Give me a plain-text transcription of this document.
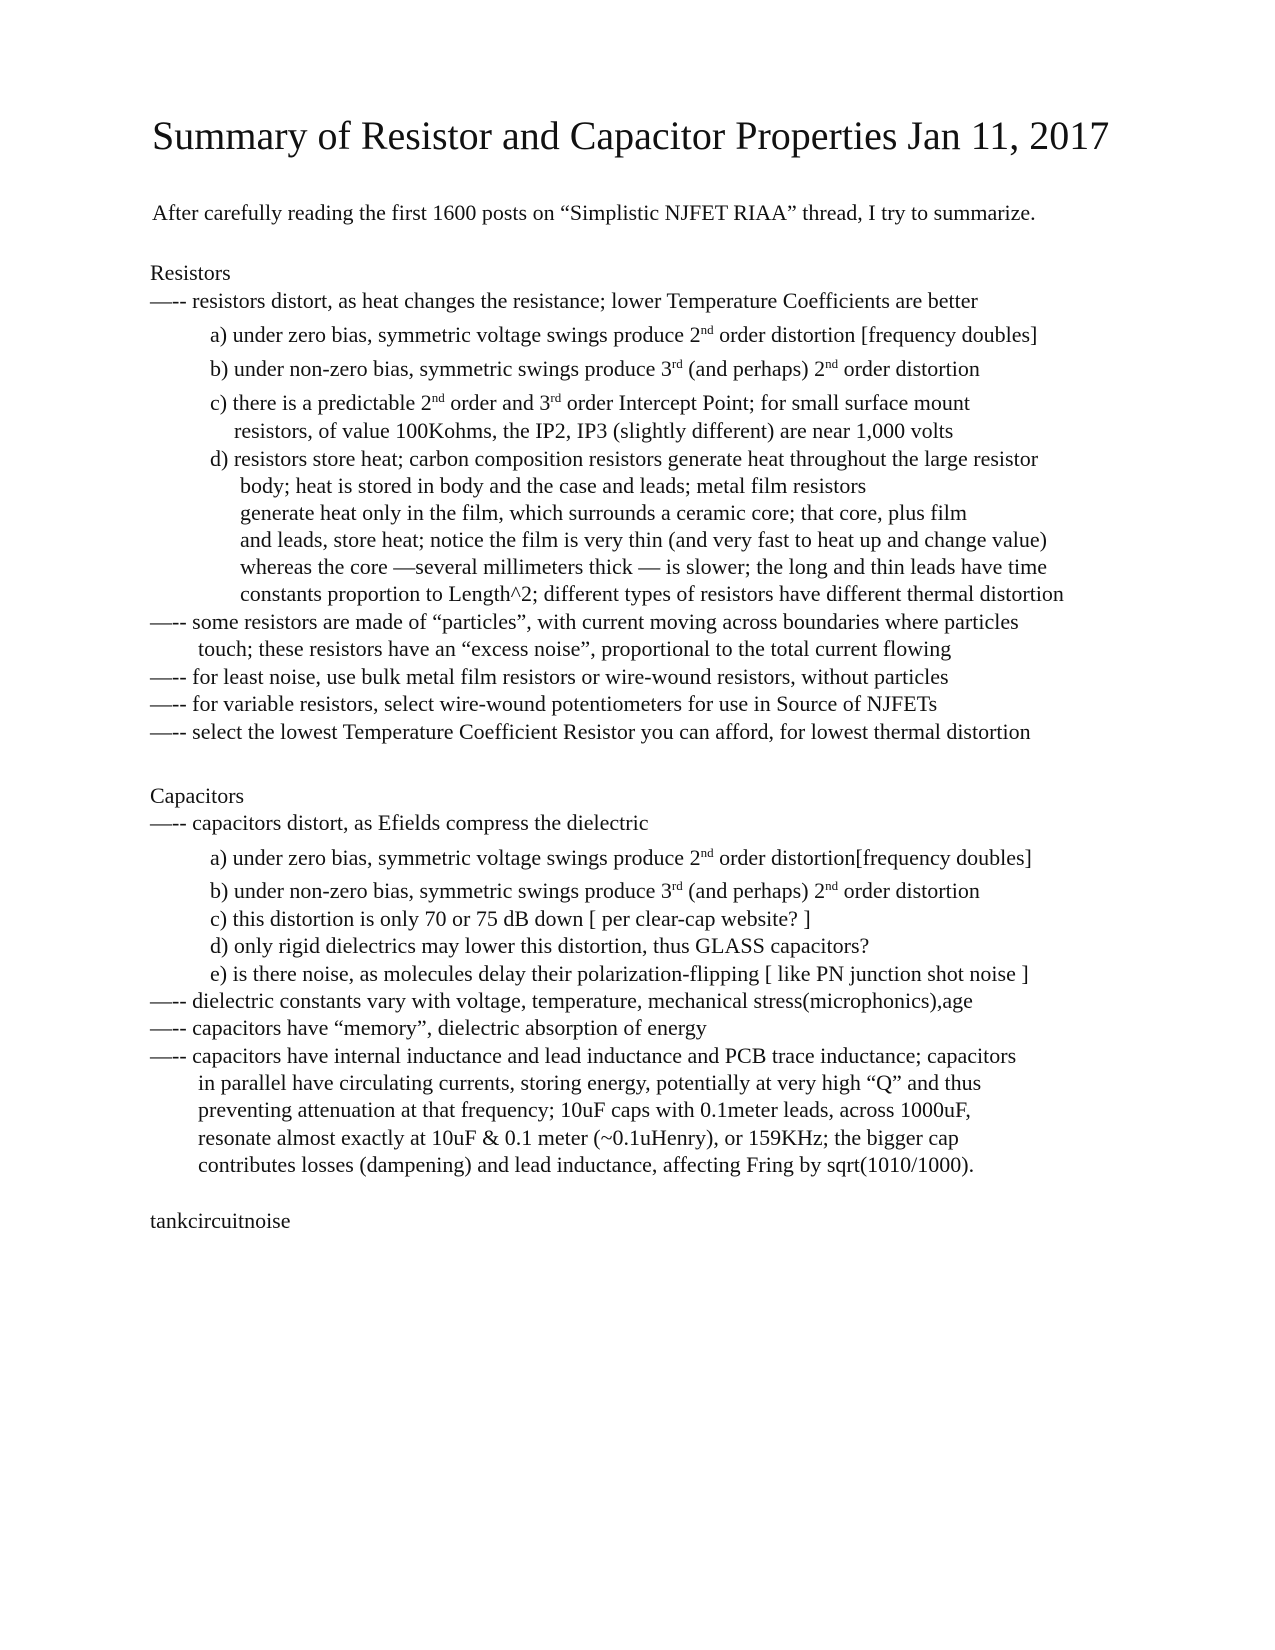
Summary of Resistor and Capacitor Properties Jan 11, 2017
After carefully reading the first 1600 posts on “Simplistic NJFET RIAA” thread, I try to summarize.
Resistors
—-- resistors distort, as heat changes the resistance; lower Temperature Coefficients are better
a) under zero bias, symmetric voltage swings produce 2nd order distortion [frequency doubles]
b) under non-zero bias, symmetric swings produce 3rd (and perhaps) 2nd order distortion
c) there is a predictable 2nd order and 3rd order Intercept Point; for small surface mount
resistors, of value 100Kohms, the IP2, IP3 (slightly different) are near 1,000 volts
d) resistors store heat; carbon composition resistors generate heat throughout the large resistor
body; heat is stored in body and the case and leads; metal film resistors
generate heat only in the film, which surrounds a ceramic core; that core, plus film
and leads, store heat; notice the film is very thin (and very fast to heat up and change value)
whereas the core —several millimeters thick — is slower; the long and thin leads have time
constants proportion to Length^2; different types of resistors have different thermal distortion
—-- some resistors are made of “particles”, with current moving across boundaries where particles
touch; these resistors have an “excess noise”, proportional to the total current flowing
—-- for least noise, use bulk metal film resistors or wire-wound resistors, without particles
—-- for variable resistors, select wire-wound potentiometers for use in Source of NJFETs
—-- select the lowest Temperature Coefficient Resistor you can afford, for lowest thermal distortion
Capacitors
—-- capacitors distort, as Efields compress the dielectric
a) under zero bias, symmetric voltage swings produce 2nd order distortion[frequency doubles]
b) under non-zero bias, symmetric swings produce 3rd (and perhaps) 2nd order distortion
c) this distortion is only 70 or 75 dB down [ per clear-cap website? ]
d) only rigid dielectrics may lower this distortion, thus GLASS capacitors?
e) is there noise, as molecules delay their polarization-flipping [ like PN junction shot noise ]
—-- dielectric constants vary with voltage, temperature, mechanical stress(microphonics),age
—-- capacitors have “memory”, dielectric absorption of energy
—-- capacitors have internal inductance and lead inductance and PCB trace inductance; capacitors
in parallel have circulating currents, storing energy, potentially at very high “Q” and thus
preventing attenuation at that frequency; 10uF caps with 0.1meter leads, across 1000uF,
resonate almost exactly at 10uF & 0.1 meter (~0.1uHenry), or 159KHz; the bigger cap
contributes losses (dampening) and lead inductance, affecting Fring by sqrt(1010/1000).
tankcircuitnoise
